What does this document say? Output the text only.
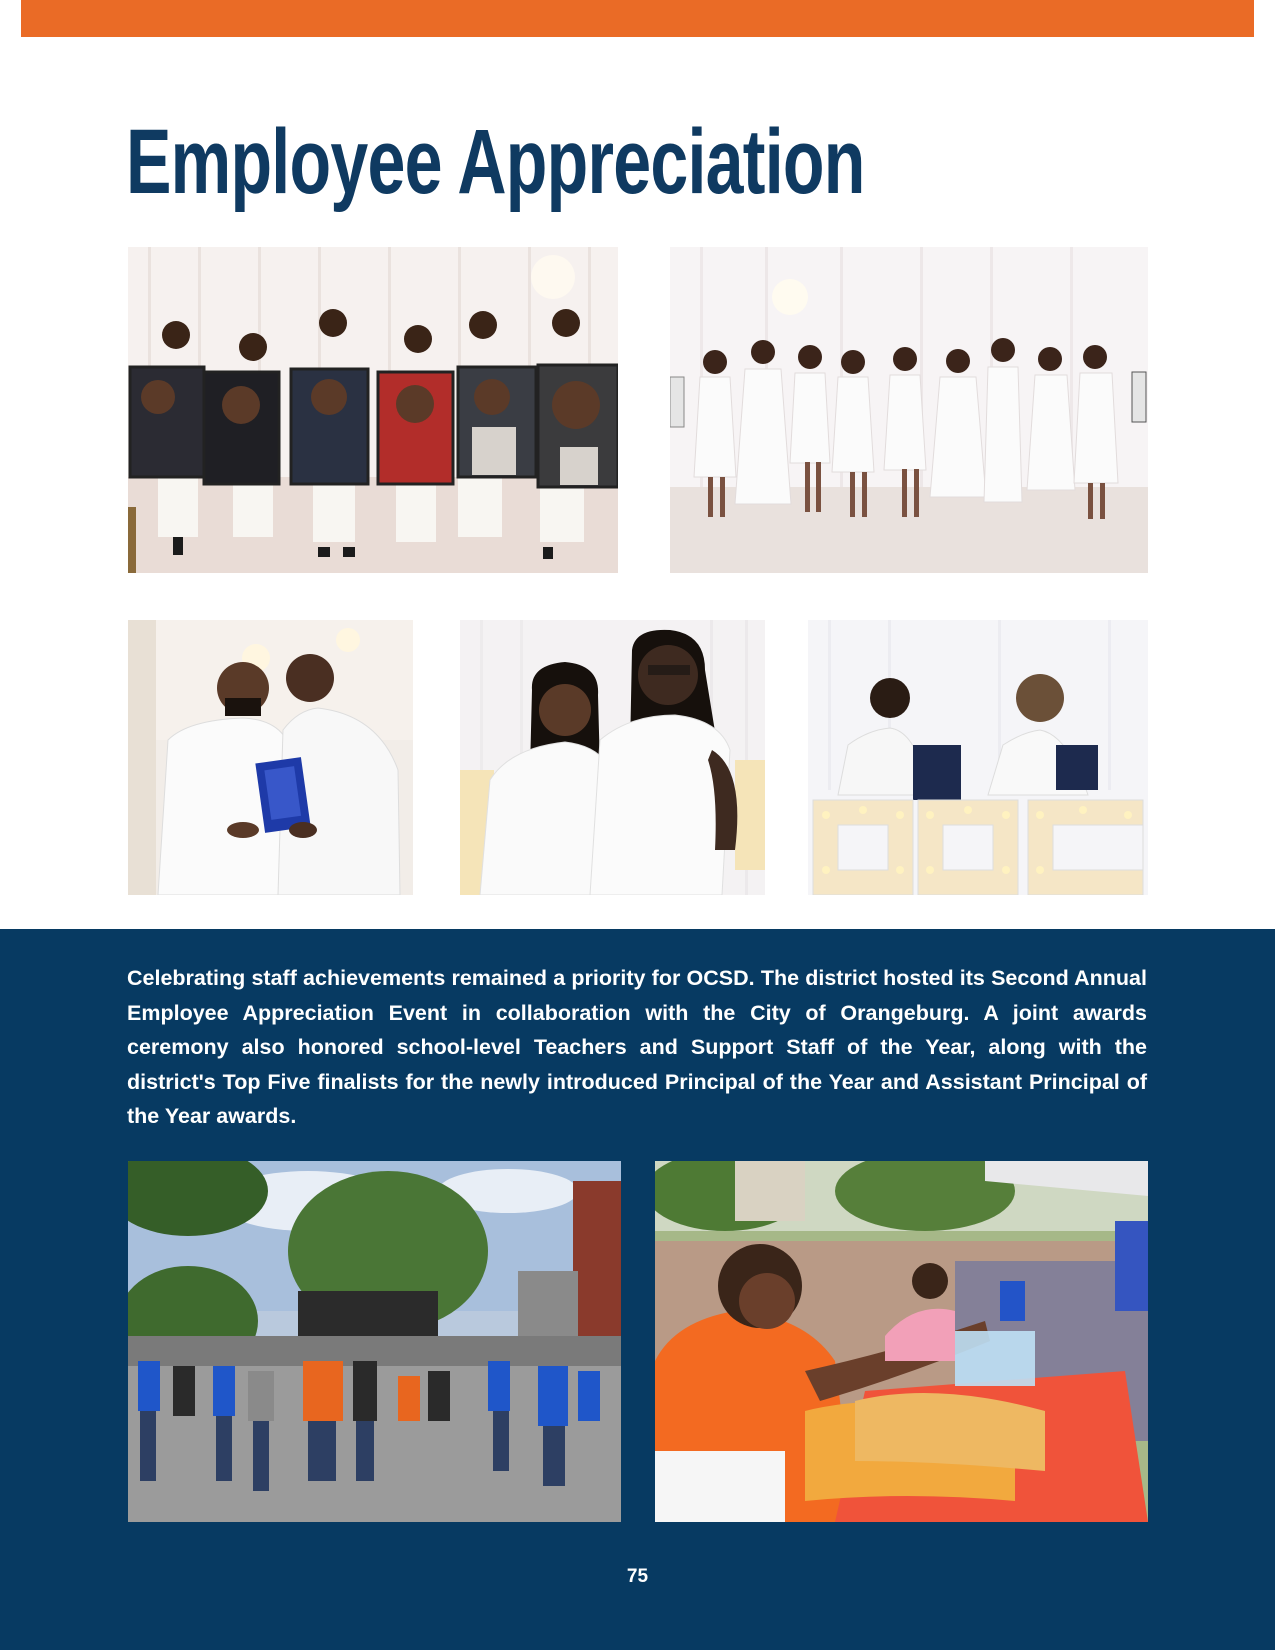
Employee Appreciation

Celebrating staff achievements remained a priority for OCSD. The district hosted its Second Annual Employee Appreciation Event in collaboration with the City of Orangeburg. A joint awards ceremony also honored school-level Teachers and Support Staff of the Year, along with the district's Top Five finalists for the newly introduced Principal of the Year and Assistant Principal of the Year awards.

75
